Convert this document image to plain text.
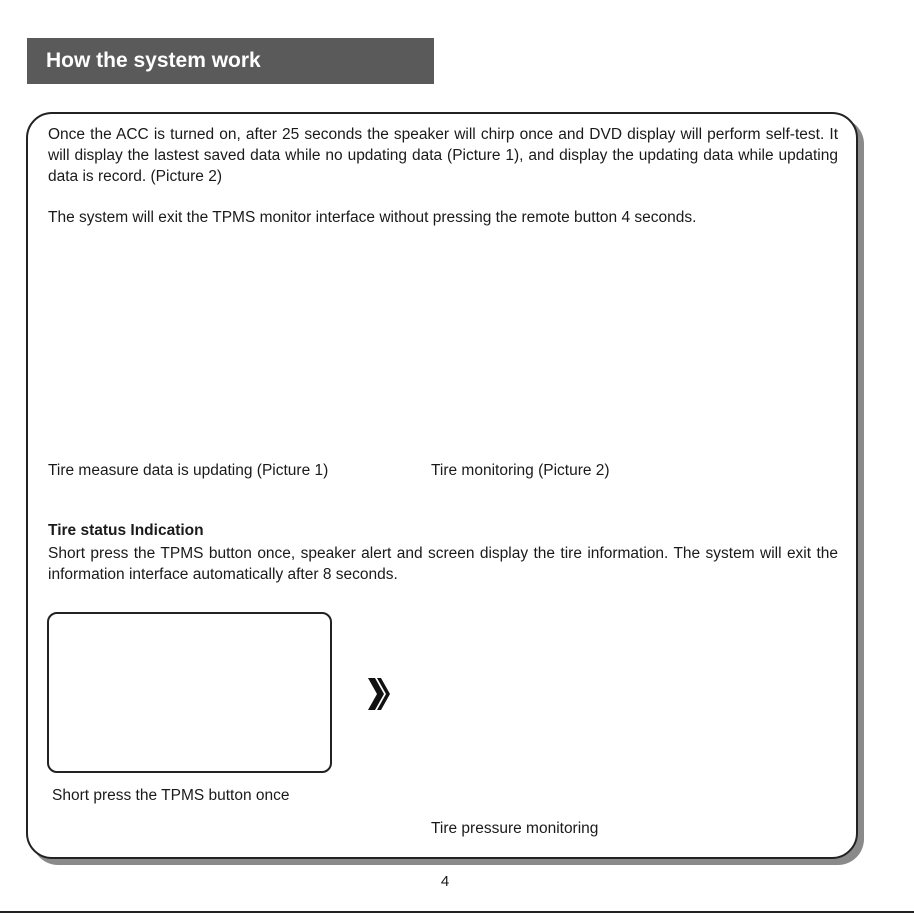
How the system work

Once the ACC is turned on, after 25 seconds the speaker will chirp once and DVD display will perform self-test. It will display the lastest saved data while no updating data (Picture 1), and display the updating data while updating data is record. (Picture 2)

The system will exit the TPMS monitor interface without pressing the remote button 4 seconds.

Tire measure data is updating (Picture 1)	Tire monitoring (Picture 2)
Tire status Indication

Short press the TPMS button once, speaker alert and screen display the tire information. The system will exit the information interface automatically after 8 seconds.

Short press the TPMS button once
Tire pressure monitoring
4
